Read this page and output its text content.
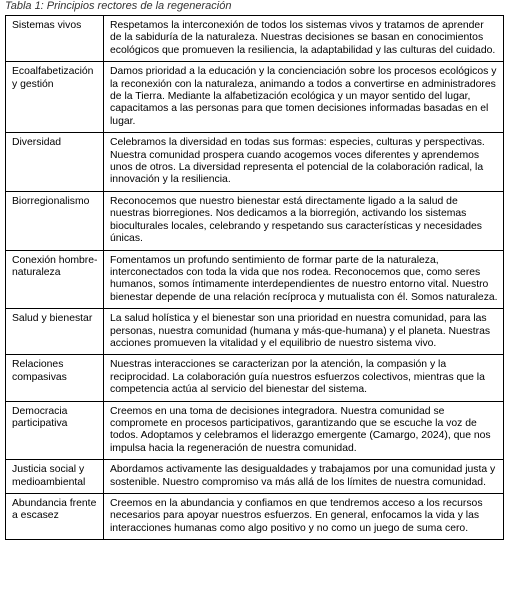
Tabla 1: Principios rectores de la regeneración
Sistemas vivos	Respetamos la interconexión de todos los sistemas vivos y tratamos de aprender de la sabiduría de la naturaleza. Nuestras decisiones se basan en conocimientos ecológicos que promueven la resiliencia, la adaptabilidad y las culturas del cuidado.
Ecoalfabetización y gestión	Damos prioridad a la educación y la concienciación sobre los procesos ecológicos y la reconexión con la naturaleza, animando a todos a convertirse en administradores de la Tierra. Mediante la alfabetización ecológica y un mayor sentido del lugar, capacitamos a las personas para que tomen decisiones informadas basadas en el lugar.
Diversidad	Celebramos la diversidad en todas sus formas: especies, culturas y perspectivas. Nuestra comunidad prospera cuando acogemos voces diferentes y aprendemos unos de otros. La diversidad representa el potencial de la colaboración radical, la innovación y la resiliencia.
Biorregionalismo	Reconocemos que nuestro bienestar está directamente ligado a la salud de nuestras biorregiones. Nos dedicamos a la biorregión, activando los sistemas bioculturales locales, celebrando y respetando sus características y necesidades únicas.
Conexión hombre-naturaleza	Fomentamos un profundo sentimiento de formar parte de la naturaleza, interconectados con toda la vida que nos rodea. Reconocemos que, como seres humanos, somos íntimamente interdependientes de nuestro entorno vital. Nuestro bienestar depende de una relación recíproca y mutualista con él. Somos naturaleza.
Salud y bienestar	La salud holística y el bienestar son una prioridad en nuestra comunidad, para las personas, nuestra comunidad (humana y más-que-humana) y el planeta. Nuestras acciones promueven la vitalidad y el equilibrio de nuestro sistema vivo.
Relaciones compasivas	Nuestras interacciones se caracterizan por la atención, la compasión y la reciprocidad. La colaboración guía nuestros esfuerzos colectivos, mientras que la competencia actúa al servicio del bienestar del sistema.
Democracia participativa	Creemos en una toma de decisiones integradora. Nuestra comunidad se compromete en procesos participativos, garantizando que se escuche la voz de todos. Adoptamos y celebramos el liderazgo emergente (Camargo, 2024), que nos impulsa hacia la regeneración de nuestra comunidad.
Justicia social y medioambiental	Abordamos activamente las desigualdades y trabajamos por una comunidad justa y sostenible. Nuestro compromiso va más allá de los límites de nuestra comunidad.
Abundancia frente a escasez	Creemos en la abundancia y confiamos en que tendremos acceso a los recursos necesarios para apoyar nuestros esfuerzos. En general, enfocamos la vida y las interacciones humanas como algo positivo y no como un juego de suma cero.
